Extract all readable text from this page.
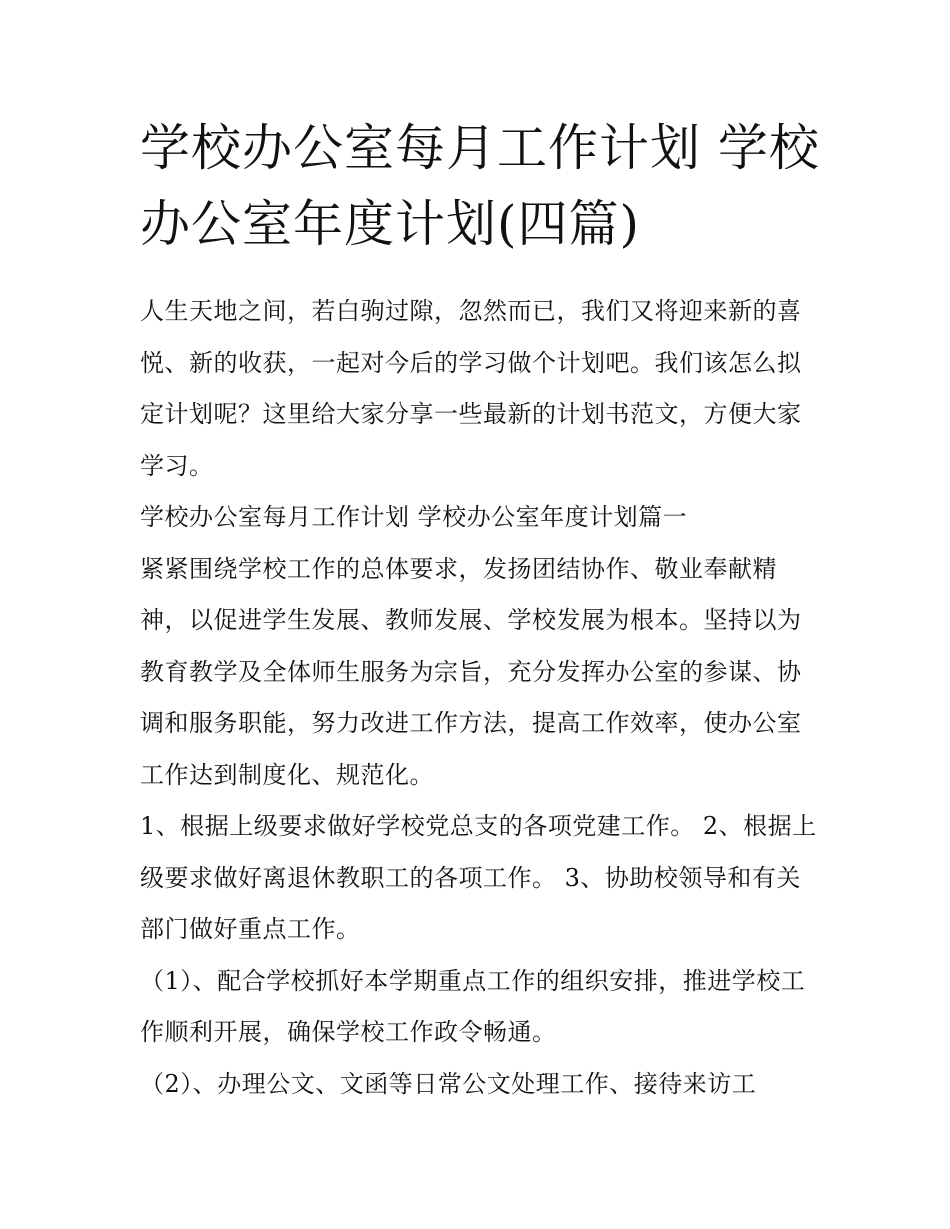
学校办公室每月工作计划 学校办公室年度计划(四篇)

人生天地之间，若白驹过隙，忽然而已，我们又将迎来新的喜悦、新的收获，一起对今后的学习做个计划吧。我们该怎么拟定计划呢？这里给大家分享一些最新的计划书范文，方便大家学习。

学校办公室每月工作计划 学校办公室年度计划篇一

紧紧围绕学校工作的总体要求，发扬团结协作、敬业奉献精神，以促进学生发展、教师发展、学校发展为根本。坚持以为教育教学及全体师生服务为宗旨，充分发挥办公室的参谋、协调和服务职能，努力改进工作方法，提高工作效率，使办公室工作达到制度化、规范化。

1、根据上级要求做好学校党总支的各项党建工作。 2、根据上级要求做好离退休教职工的各项工作。 3、协助校领导和有关部门做好重点工作。

（1）、配合学校抓好本学期重点工作的组织安排，推进学校工作顺利开展，确保学校工作政令畅通。

（2）、办理公文、文函等日常公文处理工作、接待来访工
